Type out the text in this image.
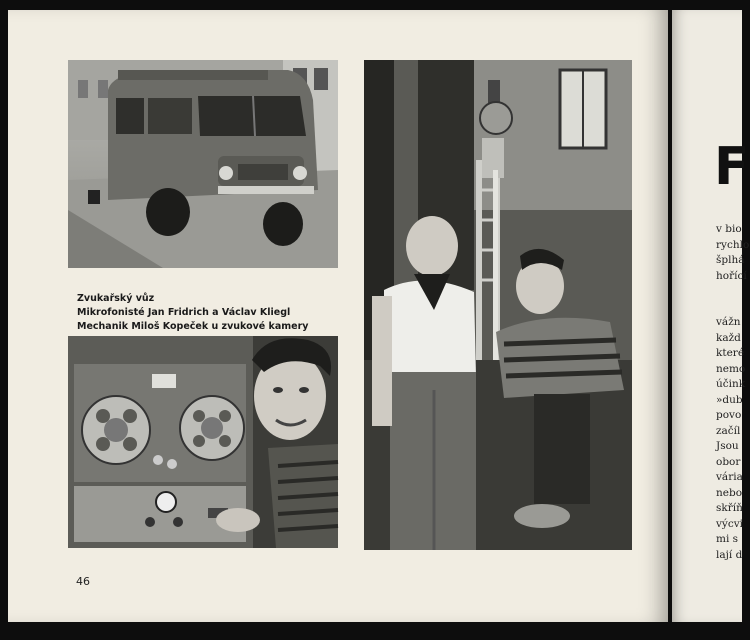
Zvukařský vůz
Mikrofonisté Jan Fridrich a Václav Kliegl
Mechanik Miloš Kopeček u zvukové kamery
46
F
v bio
rychlo
šplhá
hořící
vážn
každ
které
nemo
účink
»dub
povo
začíl
Jsou
obor
vária
nebo
skříň
výcvi
mi s
lají d
